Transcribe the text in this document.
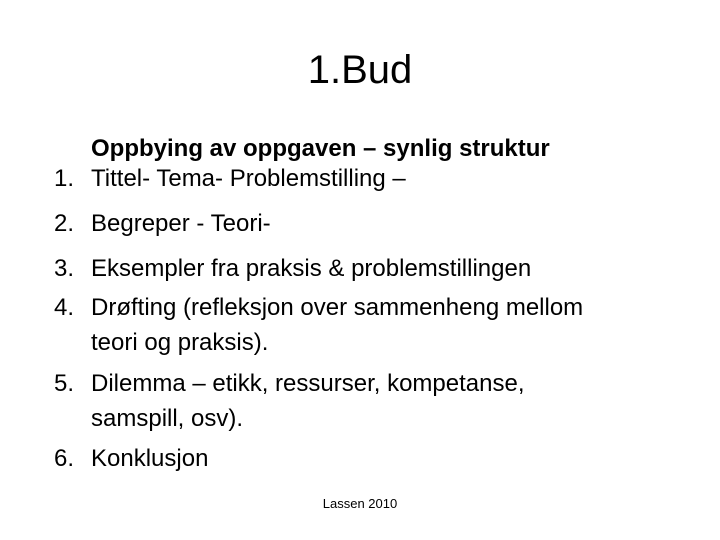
1.Bud
Oppbying av oppgaven – synlig struktur
1. Tittel- Tema- Problemstilling –
2. Begreper - Teori-
3. Eksempler fra praksis & problemstillingen
4. Drøfting (refleksjon over sammenheng mellom
teori og praksis).
5. Dilemma – etikk, ressurser, kompetanse,
samspill, osv).
6. Konklusjon
Lassen 2010
